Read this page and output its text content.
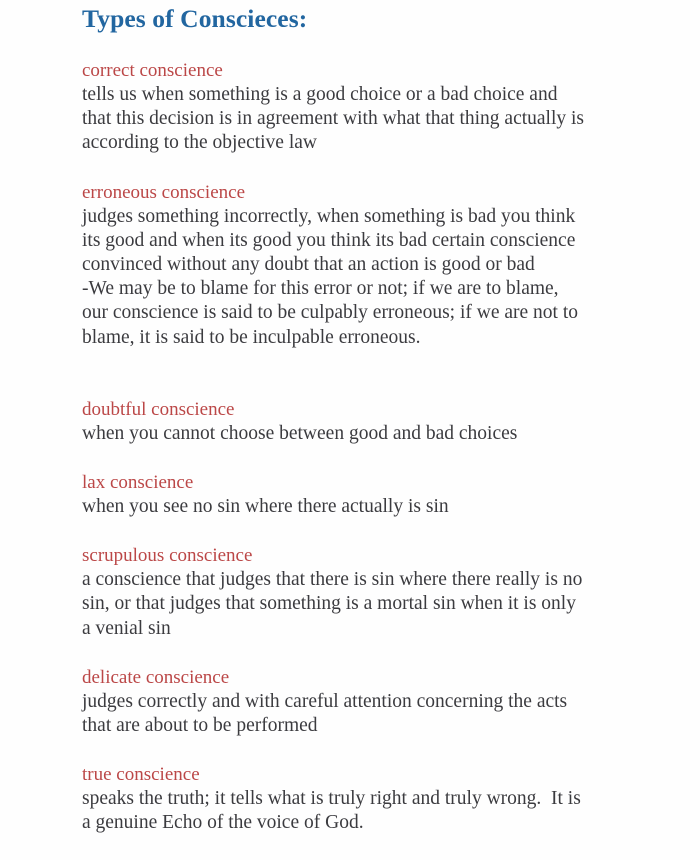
Types of Conscieces:
correct conscience
tells us when something is a good choice or a bad choice and
that this decision is in agreement with what that thing actually is
according to the objective law
erroneous conscience
judges something incorrectly, when something is bad you think
its good and when its good you think its bad certain conscience
convinced without any doubt that an action is good or bad
-We may be to blame for this error or not; if we are to blame,
our conscience is said to be culpably erroneous; if we are not to
blame, it is said to be inculpable erroneous.
doubtful conscience
when you cannot choose between good and bad choices
lax conscience
when you see no sin where there actually is sin
scrupulous conscience
a conscience that judges that there is sin where there really is no
sin, or that judges that something is a mortal sin when it is only
a venial sin
delicate conscience
judges correctly and with careful attention concerning the acts
that are about to be performed
true conscience
speaks the truth; it tells what is truly right and truly wrong.  It is
a genuine Echo of the voice of God.
